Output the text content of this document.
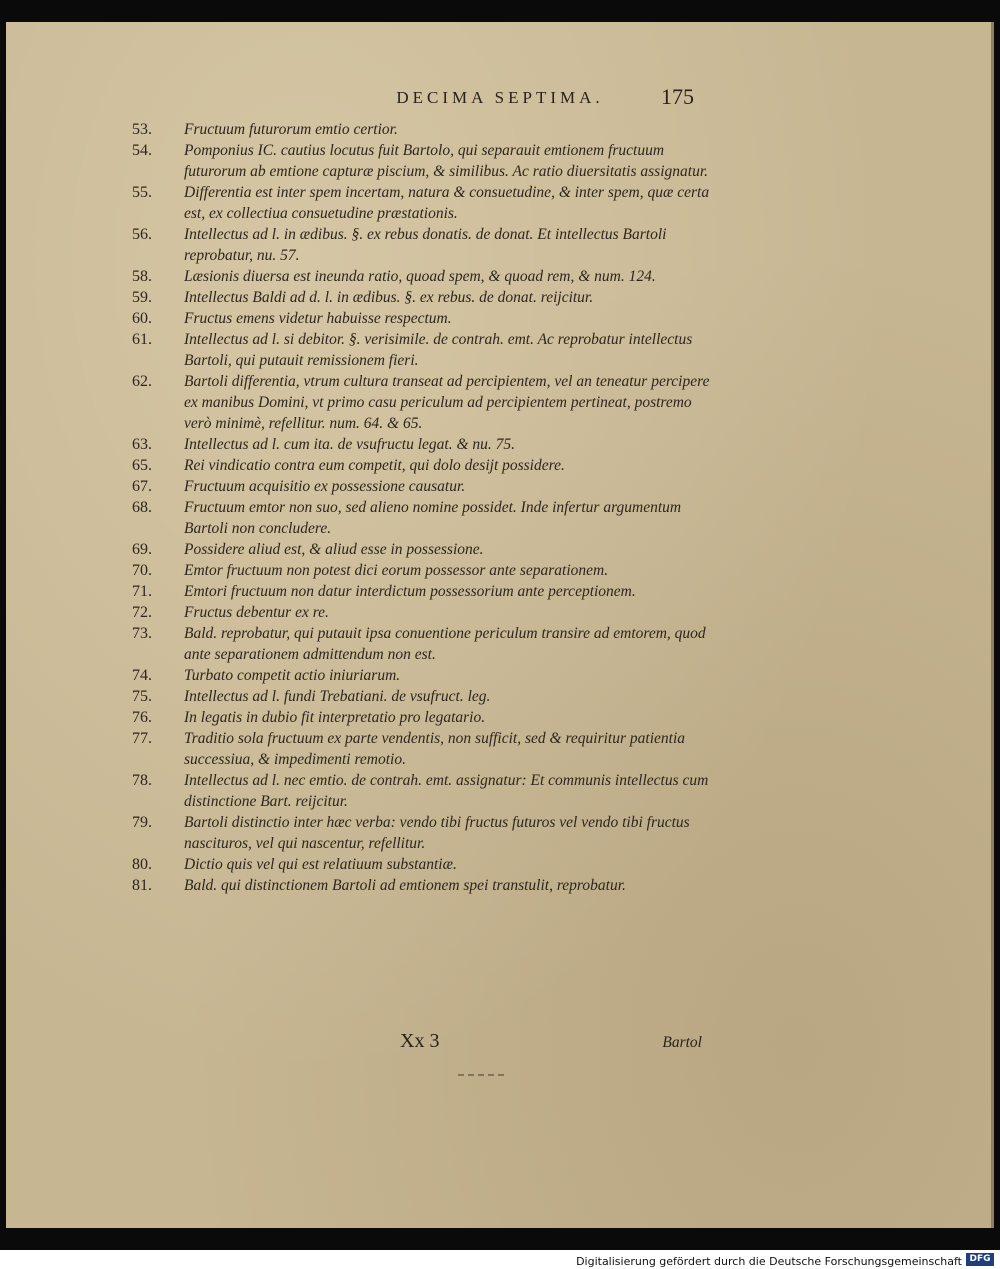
DECIMA SEPTIMA.	175
53.	Fructuum futurorum emtio certior.
54.	Pomponius IC. cautius locutus fuit Bartolo, qui separauit emtionem fructuum futurorum ab emtione capturæ piscium, & similibus. Ac ratio diuersitatis assignatur.
55.	Differentia est inter spem incertam, natura & consuetudine, & inter spem, quæ certa est, ex collectiua consuetudine præstationis.
56.	Intellectus ad l. in ædibus. §. ex rebus donatis. de donat. Et intellectus Bartoli reprobatur, nu. 57.
58.	Læsionis diuersa est ineunda ratio, quoad spem, & quoad rem, & num. 124.
59.	Intellectus Baldi ad d. l. in ædibus. §. ex rebus. de donat. reijcitur.
60.	Fructus emens videtur habuisse respectum.
61.	Intellectus ad l. si debitor. §. verisimile. de contrah. emt. Ac reprobatur intellectus Bartoli, qui putauit remissionem fieri.
62.	Bartoli differentia, vtrum cultura transeat ad percipientem, vel an teneatur percipere ex manibus Domini, vt primo casu periculum ad percipientem pertineat, postremo verò minimè, refellitur. num. 64. & 65.
63.	Intellectus ad l. cum ita. de vsufructu legat. & nu. 75.
65.	Rei vindicatio contra eum competit, qui dolo desijt possidere.
67.	Fructuum acquisitio ex possessione causatur.
68.	Fructuum emtor non suo, sed alieno nomine possidet. Inde infertur argumentum Bartoli non concludere.
69.	Possidere aliud est, & aliud esse in possessione.
70.	Emtor fructuum non potest dici eorum possessor ante separationem.
71.	Emtori fructuum non datur interdictum possessorium ante perceptionem.
72.	Fructus debentur ex re.
73.	Bald. reprobatur, qui putauit ipsa conuentione periculum transire ad emtorem, quod ante separationem admittendum non est.
74.	Turbato competit actio iniuriarum.
75.	Intellectus ad l. fundi Trebatiani. de vsufruct. leg.
76.	In legatis in dubio fit interpretatio pro legatario.
77.	Traditio sola fructuum ex parte vendentis, non sufficit, sed & requiritur patientia successiua, & impedimenti remotio.
78.	Intellectus ad l. nec emtio. de contrah. emt. assignatur: Et communis intellectus cum distinctione Bart. reijcitur.
79.	Bartoli distinctio inter hæc verba: vendo tibi fructus futuros vel vendo tibi fructus nascituros, vel qui nascentur, refellitur.
80.	Dictio quis vel qui est relatiuum substantiæ.
81.	Bald. qui distinctionem Bartoli ad emtionem spei transtulit, reprobatur.
Xx 3	Bartol
Digitalisierung gefördert durch die Deutsche Forschungsgemeinschaft DFG
